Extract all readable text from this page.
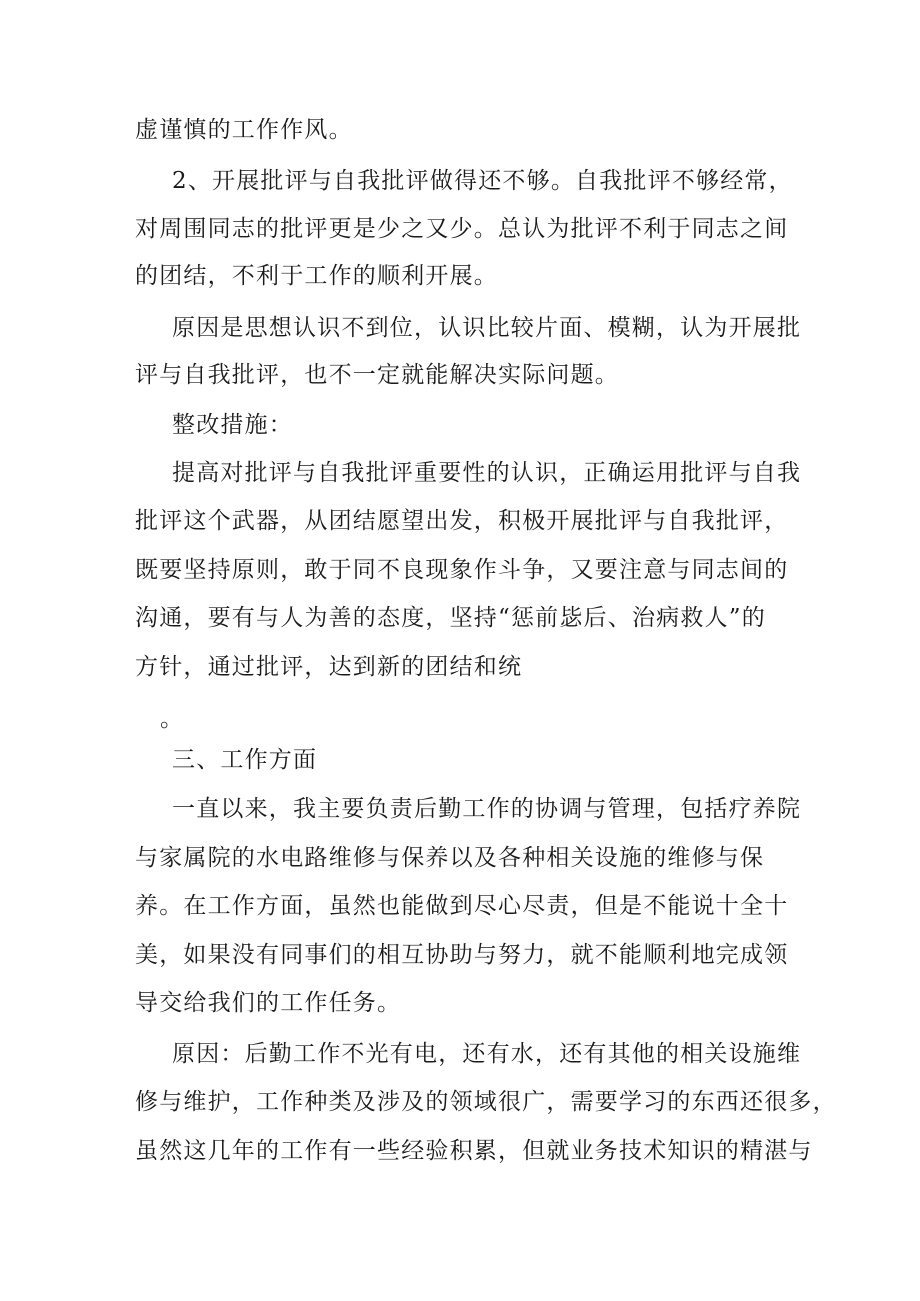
虚谨慎的工作作风。
2、开展批评与自我批评做得还不够。自我批评不够经常，
对周围同志的批评更是少之又少。总认为批评不利于同志之间
的团结，不利于工作的顺利开展。
原因是思想认识不到位，认识比较片面、模糊，认为开展批
评与自我批评，也不一定就能解决实际问题。
整改措施：
提高对批评与自我批评重要性的认识，正确运用批评与自我
批评这个武器，从团结愿望出发，积极开展批评与自我批评，
既要坚持原则，敢于同不良现象作斗争，又要注意与同志间的
沟通，要有与人为善的态度，坚持“惩前毖后、治病救人”的
方针，通过批评，达到新的团结和统
。
三、工作方面
一直以来，我主要负责后勤工作的协调与管理，包括疗养院
与家属院的水电路维修与保养以及各种相关设施的维修与保
养。在工作方面，虽然也能做到尽心尽责，但是不能说十全十
美，如果没有同事们的相互协助与努力，就不能顺利地完成领
导交给我们的工作任务。
原因：后勤工作不光有电，还有水，还有其他的相关设施维
修与维护，工作种类及涉及的领域很广，需要学习的东西还很多，
虽然这几年的工作有一些经验积累，但就业务技术知识的精湛与
